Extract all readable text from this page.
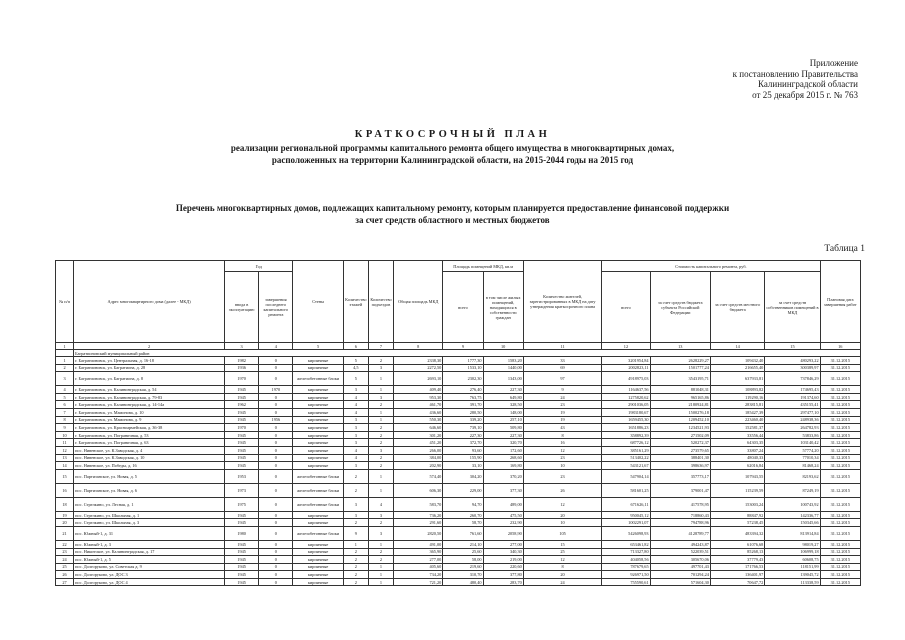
Приложение
к постановлению Правительства
Калининградской области
от 25 декабря 2015 г. № 763
КРАТКОСРОЧНЫЙ ПЛАН
реализации региональной программы капитального ремонта общего имущества в многоквартирных домах,
расположенных на территории Калининградской области, на 2015-2044 годы на 2015 год
Перечень многоквартирных домов, подлежащих капитальному ремонту, которым планируется предоставление финансовой поддержки
за счет средств областного и местных бюджетов
Таблица 1
№ п/п	Адрес многоквартирного дома (далее - МКД)	Год		Стены	Количество этажей	Количество подъездов	Общая площадь МКД	Площадь помещений МКД, кв.м		Количество жителей, зарегистрированных в МКД на дату утверждения краткосрочного плана	Стоимость капитального ремонта, руб.				Плановая дата завершения работ
		ввода в эксплуатацию	завершения последнего капитального ремонта					всего	в том числе жилых помещений, находящихся в собственности граждан		всего	за счет средств бюджета субъекта Российской Федерации	за счет средств местного бюджета	за счет средств собственников помещений в МКД	
1	2	3	4	5	6	7	8	9	10	11	12	13	14	15	16
	Багратионовский муниципальный район														
1	г. Багратионовск, ул. Центральная, д. 16-18	1982	0	кирпичные	5	2	2338,30	1777,30	1583,20	33	3201954,84	2628229,27	109432,40	480293,22	31.12.2015
2	г. Багратионовск, ул. Багратиона, д. 28	1936	0	кирпичные	4,5	3	2272,50	1533,10	1440,00	69	2002823,11	1501777,24	216655,40	300389,97	31.12.2015
3	г. Багратионовск, ул. Багратиона, д. 8	1970	0	железобетонные блоки	5	1	2693,10	2302,30	1343,00	97	4918975,03	3543195,71	637933,81	737846,29	31.12.2015
4	г. Багратионовск, ул. Калининградская, д. 54	1945	1970	кирпичные	3	1	409,40	276,40	227,30	9	1164637,56	881048,31	108893,82	174695,43	31.12.2015
5	г. Багратионовск, ул. Калининградская, д. 79-83	1945	0	кирпичные	4	3	953,30	763,75	649,80	24	1275820,62	965165,86	119290,16	191374,60	31.12.2015
6	г. Багратионовск, ул. Калининградская, д. 14-14а	1962	0	кирпичные	4	2	461,70	391,70	328,50	23	2901036,05	2180924,81	283815,81	435155,41	31.12.2015
7	г. Багратионовск, ул. Мамонова, д. 10	1945	0	кирпичные	4	1	436,60	280,50	148,00	19	1983180,67	1500276,18	185427,39	297477,10	31.12.2015
8	г. Багратионовск, ул. Мамонова, д. 9	1945	1956	кирпичные	3	1	550,30	339,20	257,10	19	1659455,30	1209452,10	223460,40	248938,36	31.12.2015
9	г. Багратионовск, ул. Красноармейская, д. 36-38	1970	0	кирпичные	3	2	646,60	739,10	509,80	43	1651886,23	1234521,93	152581,37	264782,93	31.12.2015
10	г. Багратионовск, ул. Пограничная, д. 53	1945	0	кирпичные	3	2	301,20	227,30	227,30	8	358892,39	271502,09	33556,44	53833,86	31.12.2015
11	г. Багратионовск, ул. Пограничная, д. 63	1945	0	кирпичные	3	2	451,20	372,70	320,70	16	687726,12	520272,37	64303,35	103140,42	31.12.2015
12	пос. Нивенское, ул. К.Заводская, д. 4	1945	0	кирпичные	4	3	266,00	93,60	172,60	12	385161,29	273579,65	33807,24	57774,20	31.12.2015
13	пос. Нивенское, ул. К.Заводская, д. 10	1945	0	кирпичные	4	2	384,00	155,90	268,60	23	513402,22	388401,30	48040,33	77010,34	31.12.2015
14	пос. Нивенское, ул. Победы, д. 16	1945	0	кирпичные	3	2	202,90	33,10	169,80	10	543121,67	398636,97	62016,84	81468,24	31.12.2015
15	пос. Партизанское, ул. Новая, д. 5	1953	0	железобетонные блоки	2	1	574,40	304,20	370,20	23	547904,14	357773,17	107943,55	82193,62	31.12.2015
16	пос. Партизанское, ул. Новая, д. 6	1973	0	железобетонные блоки	2	1	606,30	229,00	377,30	26	581601,25	379001,47	115239,59	87249,19	31.12.2015
18	пос. Стрелкино, ул. Лесная, д. 1	1975	0	железобетонные блоки	3	4	583,70	94,70	489,00	12	671626,11	417578,95	153003,24	100743,92	31.12.2015
19	пос. Стрелкино, ул. Школьная, д. 1	1945	0	кирпичные	3	3	736,20	260,70	475,50	20	950045,12	718860,43	88847,92	142336,77	31.12.2015
20	пос. Стрелкино, ул. Школьная, д. 3	1945	0	кирпичные	2	2	291,60	58,70	232,90	10	1002291,07	794788,96	57238,45	150345,66	31.12.2015
21	пос. Южный-1, д. 31	1980	0	железобетонные блоки	9	3	2820,50	761,60	2058,90	105	5426098,93	4128789,77	483394,32	813914,84	31.12.2015
22	пос. Южный-1, д. 3	1945	0	кирпичные	1	1	491,00	214,10	277,00	15	653461,82	494243,87	61076,68	98019,27	31.12.2015
23	пос. Никитское, ул. Калининградская, д. 17	1945	0	кирпичные	2	2	365,90	25,60	340,30	25	713327,80	522039,51	85268,13	106999,18	31.12.2015
24	пос. Южный-1, д. 5	1945	0	кирпичные	2	2	277,00	58,00	219,00	12	404058,56	305670,06	37779,43	60608,75	31.12.2015
25	пос. Долгоруково, ул. Советская д. 9	1945	0	кирпичные	2	1	405,60	219,60	220,60	8	787679,65	497701,43	171766,53	118151,99	31.12.2015
26	пос. Долгоруково, ул. ДОС 3	1945	0	кирпичные	2	1	734,20	310,70	377,80	20	926971,50	701294,24	136401,97	139045,72	31.12.2015
27	пос. Долгоруково, ул. ДОС 4	1945	0	кирпичные	2	1	721,20	480,40	283,70	24	755590,61	571604,30	70647,72	113338,59	31.12.2015
